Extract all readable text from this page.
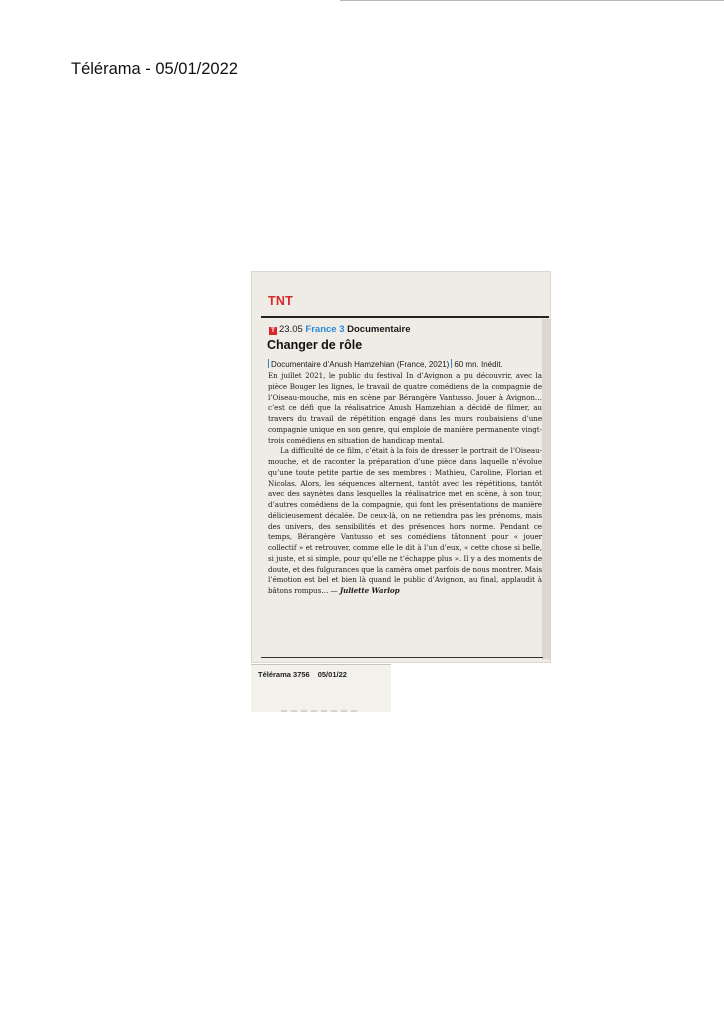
Télérama - 05/01/2022
TNT
T 23.05 France 3 Documentaire
Changer de rôle
Documentaire d’Anush Hamzehian (France, 2021) 60 mn. Inédit.

En juillet 2021, le public du festival In d’Avignon a pu découvrir, avec la pièce Bouger les lignes, le travail de quatre comédiens de la compagnie de l’Oiseau-mouche, mis en scène par Bérangère Vantusso. Jouer à Avignon… c’est ce défi que la réalisatrice Anush Hamzehian a décidé de filmer, au travers du travail de répétition engagé dans les murs roubaisiens d’une compagnie unique en son genre, qui emploie de manière permanente vingt-trois comédiens en situation de handicap mental.

La difficulté de ce film, c’était à la fois de dresser le portrait de l’Oiseau-mouche, et de raconter la préparation d’une pièce dans laquelle n’évolue qu’une toute petite partie de ses membres : Mathieu, Caroline, Florian et Nicolas. Alors, les séquences alternent, tantôt avec les répétitions, tantôt avec des saynètes dans lesquelles la réalisatrice met en scène, à son tour, d’autres comédiens de la compagnie, qui font les présentations de manière délicieusement décalée. De ceux-là, on ne retiendra pas les prénoms, mais des univers, des sensibilités et des présences hors norme. Pendant ce temps, Bérangère Vantusso et ses comédiens tâtonnent pour « jouer collectif » et retrouver, comme elle le dit à l’un d’eux, « cette chose si belle, si juste, et si simple, pour qu’elle ne t’échappe plus ». Il y a des moments de doute, et des fulgurances que la caméra omet parfois de nous montrer. Mais l’émotion est bel et bien là quand le public d’Avignon, au final, applaudit à bâtons rompus… — Juliette Warlop

Télérama 3756 05/01/22
